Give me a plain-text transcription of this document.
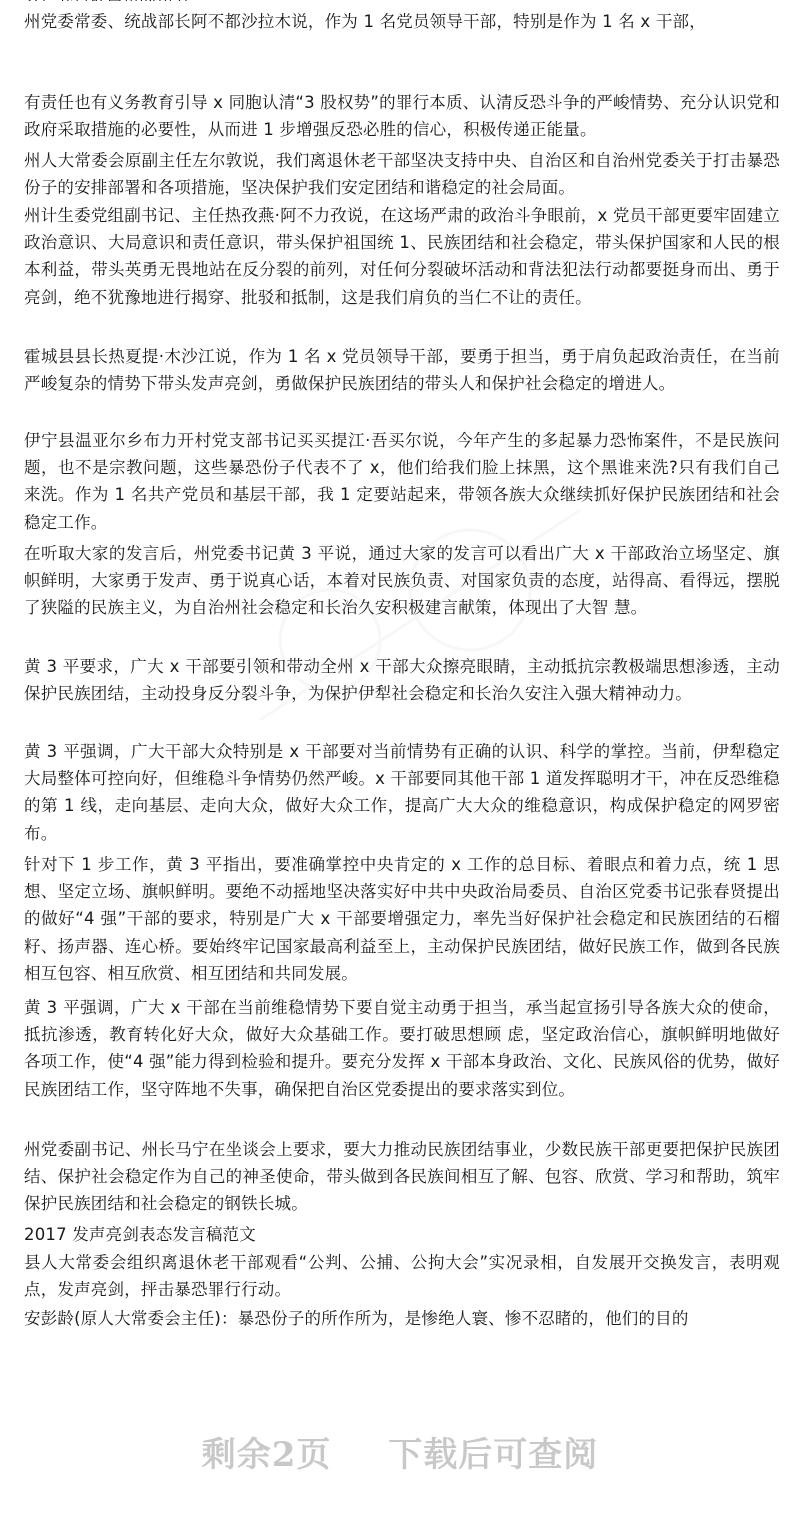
州党委常委、统战部长阿不都沙拉木说，作为 1 名党员领导干部，特别是作为 1 名 x 干部，

有责任也有义务教育引导 x 同胞认清“3 股权势”的罪行本质、认清反恐斗争的严峻情势、充分认识党和政府采取措施的必要性，从而进 1 步增强反恐必胜的信心，积极传递正能量。

州人大常委会原副主任左尔敦说，我们离退休老干部坚决支持中央、自治区和自治州党委关于打击暴恐份子的安排部署和各项措施，坚决保护我们安定团结和谐稳定的社会局面。

州计生委党组副书记、主任热孜燕·阿不力孜说，在这场严肃的政治斗争眼前，x 党员干部更要牢固建立政治意识、大局意识和责任意识，带头保护祖国统 1、民族团结和社会稳定，带头保护国家和人民的根本利益，带头英勇无畏地站在反分裂的前列，对任何分裂破坏活动和背法犯法行动都要挺身而出、勇于亮剑，绝不犹豫地进行揭穿、批驳和抵制，这是我们肩负的当仁不让的责任。

霍城县县长热夏提·木沙江说，作为 1 名 x 党员领导干部，要勇于担当，勇于肩负起政治责任，在当前严峻复杂的情势下带头发声亮剑，勇做保护民族团结的带头人和保护社会稳定的增进人。

伊宁县温亚尔乡布力开村党支部书记买买提江·吾买尔说，今年产生的多起暴力恐怖案件，不是民族问题，也不是宗教问题，这些暴恐份子代表不了 x，他们给我们脸上抹黑，这个黑谁来洗?只有我们自己来洗。作为 1 名共产党员和基层干部，我 1 定要站起来，带领各族大众继续抓好保护民族团结和社会稳定工作。

在听取大家的发言后，州党委书记黄 3 平说，通过大家的发言可以看出广大 x 干部政治立场坚定、旗帜鲜明，大家勇于发声、勇于说真心话，本着对民族负责、对国家负责的态度，站得高、看得远，摆脱了狭隘的民族主义，为自治州社会稳定和长治久安积极建言献策，体现出了大智 慧。

黄 3 平要求，广大 x 干部要引领和带动全州 x 干部大众擦亮眼睛，主动抵抗宗教极端思想渗透，主动保护民族团结，主动投身反分裂斗争，为保护伊犁社会稳定和长治久安注入强大精神动力。

黄 3 平强调，广大干部大众特别是 x 干部要对当前情势有正确的认识、科学的掌控。当前，伊犁稳定大局整体可控向好，但维稳斗争情势仍然严峻。x 干部要同其他干部 1 道发挥聪明才干，冲在反恐维稳的第 1 线，走向基层、走向大众，做好大众工作，提高广大大众的维稳意识，构成保护稳定的网罗密布。

针对下 1 步工作，黄 3 平指出，要准确掌控中央肯定的 x 工作的总目标、着眼点和着力点，统 1 思想、坚定立场、旗帜鲜明。要绝不动摇地坚决落实好中共中央政治局委员、自治区党委书记张春贤提出的做好“4 强”干部的要求，特别是广大 x 干部要增强定力，率先当好保护社会稳定和民族团结的石榴籽、扬声器、连心桥。要始终牢记国家最高利益至上，主动保护民族团结，做好民族工作，做到各民族相互包容、相互欣赏、相互团结和共同发展。

黄 3 平强调，广大 x 干部在当前维稳情势下要自觉主动勇于担当，承当起宣扬引导各族大众的使命，抵抗渗透，教育转化好大众，做好大众基础工作。要打破思想顾 虑，坚定政治信心，旗帜鲜明地做好各项工作，使“4 强”能力得到检验和提升。要充分发挥 x 干部本身政治、文化、民族风俗的优势，做好民族团结工作，坚守阵地不失事，确保把自治区党委提出的要求落实到位。

州党委副书记、州长马宁在坐谈会上要求，要大力推动民族团结事业，少数民族干部更要把保护民族团结、保护社会稳定作为自己的神圣使命，带头做到各民族间相互了解、包容、欣赏、学习和帮助，筑牢保护民族团结和社会稳定的钢铁长城。

2017 发声亮剑表态发言稿范文

县人大常委会组织离退休老干部观看“公判、公捕、公拘大会”实况录相，自发展开交换发言，表明观点，发声亮剑，抨击暴恐罪行行动。

安彭龄(原人大常委会主任)：暴恐份子的所作所为，是惨绝人寰、惨不忍睹的，他们的目的

剩余2页 下载后可查阅
